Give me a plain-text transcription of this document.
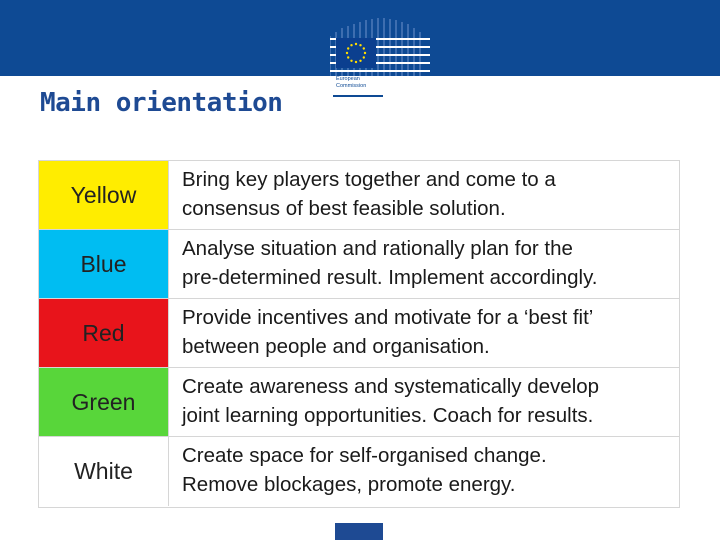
European
Commission
Main orientation
Yellow
Bring key players together and come to a
consensus of best feasible solution.
Blue
Analyse situation and rationally plan for the
pre-determined result. Implement accordingly.
Red
Provide incentives and motivate for a ‘best fit’
between people and organisation.
Green
Create awareness and systematically develop
joint learning opportunities. Coach for results.
White
Create space for self-organised change.
Remove blockages, promote energy.
